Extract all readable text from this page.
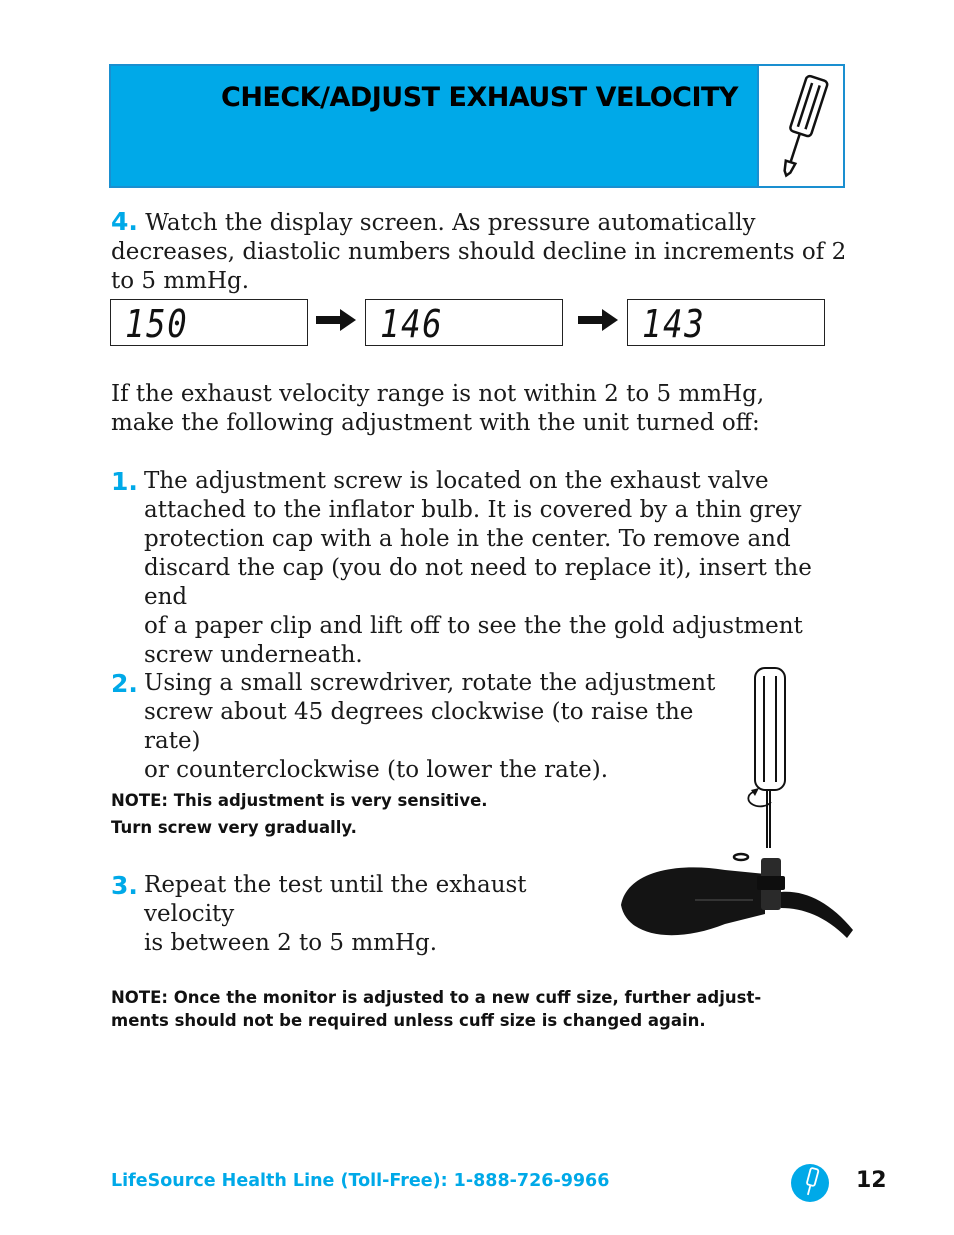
CHECK/ADJUST EXHAUST VELOCITY
4. Watch the display screen. As pressure automatically decreases, diastolic numbers should decline in increments of 2 to 5 mmHg.
150	146	143
If the exhaust velocity range is not within 2 to 5 mmHg, make the following adjustment with the unit turned off:
1. The adjustment screw is located on the exhaust valve
attached to the inflator bulb. It is covered by a thin grey
protection cap with a hole in the center. To remove and
discard the cap (you do not need to replace it), insert the end
of a paper clip and lift off to see the the gold adjustment
screw underneath.
2. Using a small screwdriver, rotate the adjustment
screw about 45 degrees clockwise (to raise the rate)
or counterclockwise (to lower the rate).
NOTE: This adjustment is very sensitive.
Turn screw very gradually.
3. Repeat the test until the exhaust velocity
is between 2 to 5 mmHg.
NOTE: Once the monitor is adjusted to a new cuff size, further adjust-
ments should not be required unless cuff size is changed again.
LifeSource Health Line (Toll-Free): 1-888-726-9966	12
